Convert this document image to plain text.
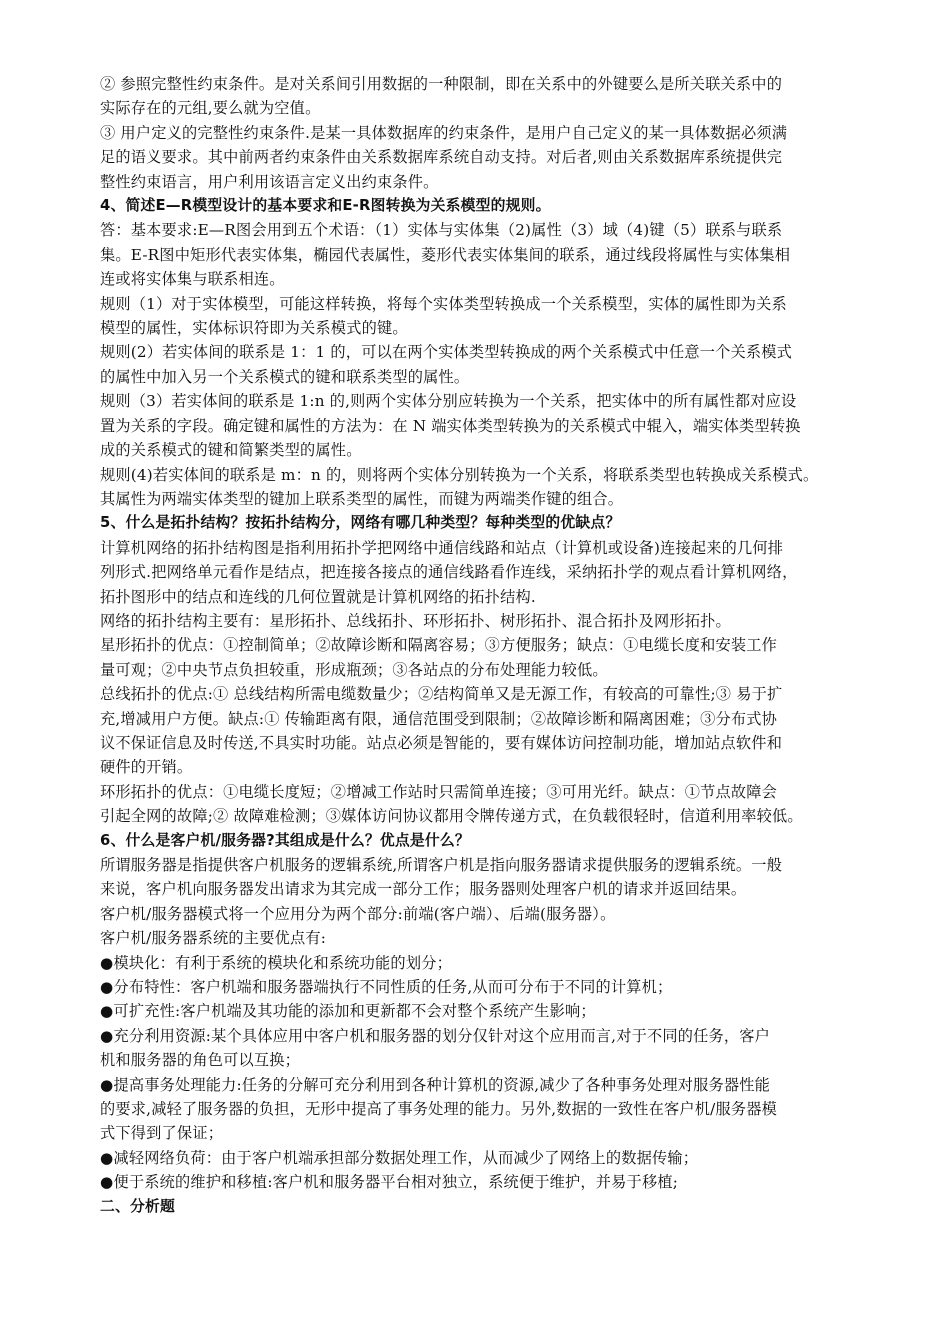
② 参照完整性约束条件。是对关系间引用数据的一种限制，即在关系中的外键要么是所关联关系中的
实际存在的元组,要么就为空值。
③ 用户定义的完整性约束条件.是某一具体数据库的约束条件，是用户自己定义的某一具体数据必须满
足的语义要求。其中前两者约束条件由关系数据库系统自动支持。对后者,则由关系数据库系统提供完
整性约束语言，用户利用该语言定义出约束条件。
4、简述E—R模型设计的基本要求和E-R图转换为关系模型的规则。
答：基本要求:E—R图会用到五个术语：（1）实体与实体集（2)属性（3）域（4)键（5）联系与联系
集。E-R图中矩形代表实体集，椭园代表属性，菱形代表实体集间的联系，通过线段将属性与实体集相
连或将实体集与联系相连。
规则（1）对于实体模型，可能这样转换，将每个实体类型转换成一个关系模型，实体的属性即为关系
模型的属性，实体标识符即为关系模式的键。
规则(2）若实体间的联系是 1：1 的，可以在两个实体类型转换成的两个关系模式中任意一个关系模式
的属性中加入另一个关系模式的键和联系类型的属性。
规则（3）若实体间的联系是 1:n 的,则两个实体分别应转换为一个关系，把实体中的所有属性都对应设
置为关系的字段。确定键和属性的方法为：在 N 端实体类型转换为的关系模式中辊入，端实体类型转换
成的关系模式的键和简繁类型的属性。
规则(4)若实体间的联系是 m：n 的，则将两个实体分别转换为一个关系，将联系类型也转换成关系模式。
其属性为两端实体类型的键加上联系类型的属性，而键为两端类作键的组合。
5、什么是拓扑结构？按拓扑结构分，网络有哪几种类型？每种类型的优缺点？
计算机网络的拓扑结构图是指利用拓扑学把网络中通信线路和站点（计算机或设备)连接起来的几何排
列形式.把网络单元看作是结点，把连接各接点的通信线路看作连线，采纳拓扑学的观点看计算机网络，
拓扑图形中的结点和连线的几何位置就是计算机网络的拓扑结构.
网络的拓扑结构主要有：星形拓扑、总线拓扑、环形拓扑、树形拓扑、混合拓扑及网形拓扑。
星形拓扑的优点：①控制简单；②故障诊断和隔离容易；③方便服务；缺点：①电缆长度和安装工作
量可观；②中央节点负担较重，形成瓶颈；③各站点的分布处理能力较低。
总线拓扑的优点:① 总线结构所需电缆数量少；②结构简单又是无源工作，有较高的可靠性;③ 易于扩
充,增减用户方便。缺点:① 传输距离有限，通信范围受到限制；②故障诊断和隔离困难；③分布式协
议不保证信息及时传送,不具实时功能。站点必须是智能的，要有媒体访问控制功能，增加站点软件和
硬件的开销。
环形拓扑的优点：①电缆长度短；②增减工作站时只需简单连接；③可用光纤。缺点：①节点故障会
引起全网的故障;② 故障难检测；③媒体访问协议都用令牌传递方式，在负载很轻时，信道利用率较低。
6、什么是客户机/服务器?其组成是什么？优点是什么？
所谓服务器是指提供客户机服务的逻辑系统,所谓客户机是指向服务器请求提供服务的逻辑系统。一般
来说，客户机向服务器发出请求为其完成一部分工作；服务器则处理客户机的请求并返回结果。
客户机/服务器模式将一个应用分为两个部分:前端(客户端）、后端(服务器）。
客户机/服务器系统的主要优点有:
●模块化：有利于系统的模块化和系统功能的划分；
●分布特性：客户机端和服务器端执行不同性质的任务,从而可分布于不同的计算机；
●可扩充性:客户机端及其功能的添加和更新都不会对整个系统产生影响；
●充分利用资源:某个具体应用中客户机和服务器的划分仅针对这个应用而言,对于不同的任务，客户
机和服务器的角色可以互换；
●提高事务处理能力:任务的分解可充分利用到各种计算机的资源,减少了各种事务处理对服务器性能
的要求,减轻了服务器的负担，无形中提高了事务处理的能力。另外,数据的一致性在客户机/服务器模
式下得到了保证；
●减轻网络负荷：由于客户机端承担部分数据处理工作，从而减少了网络上的数据传输；
●便于系统的维护和移植:客户机和服务器平台相对独立，系统便于维护，并易于移植;
二、分析题
